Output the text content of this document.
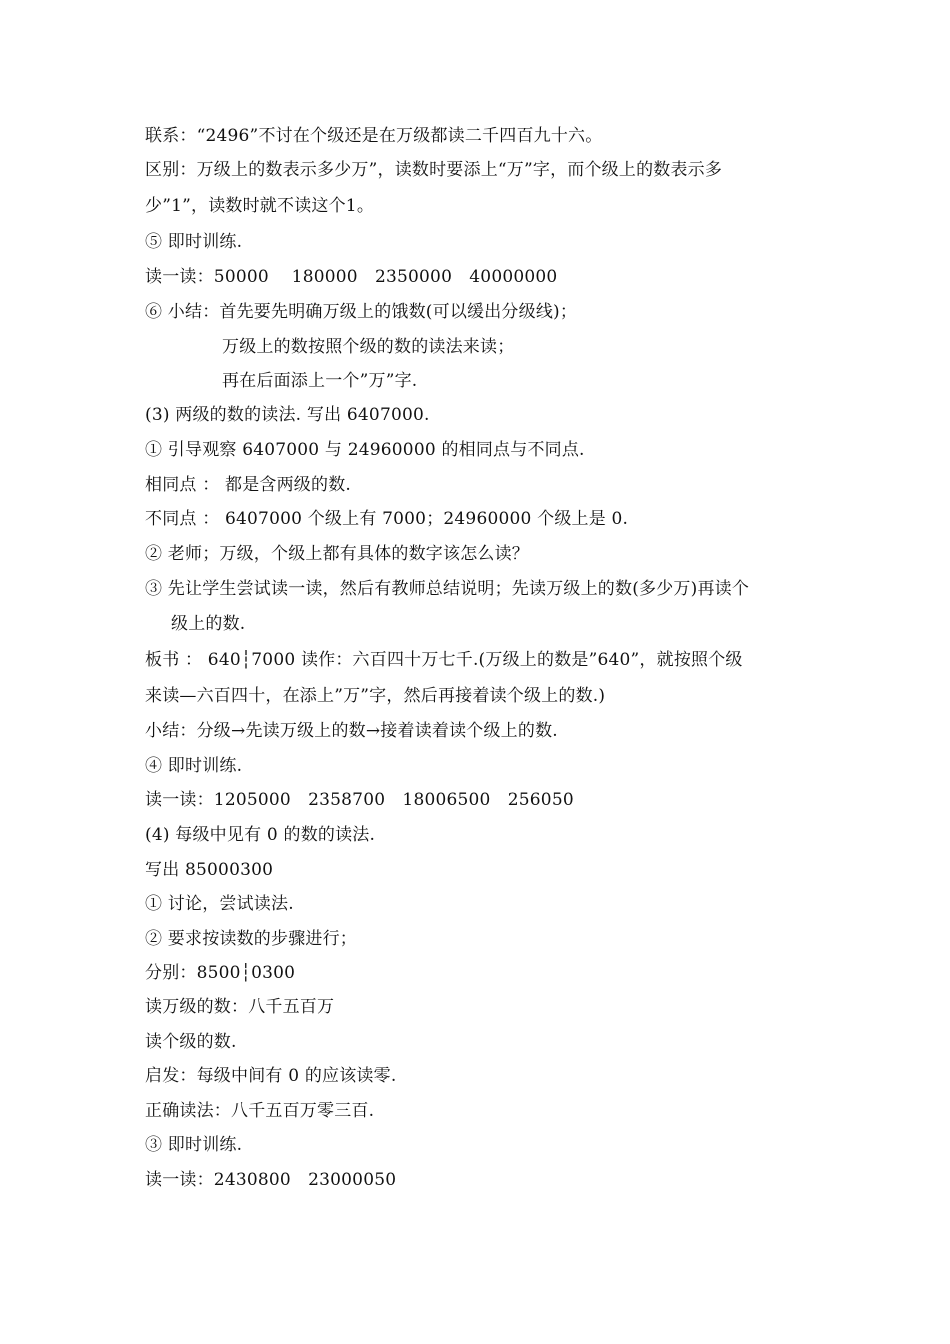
联系：“2496”不讨在个级还是在万级都读二千四百九十六。
区别：万级上的数表示多少万”，读数时要添上“万”字，而个级上的数表示多
少”1”，读数时就不读这个1。
⑤ 即时训练.
读一读：50000　 180000　2350000　40000000
⑥ 小结：首先要先明确万级上的饿数(可以缓出分级线)；
万级上的数按照个级的数的读法来读；
再在后面添上一个”万”字.
(3) 两级的数的读法. 写出 6407000.
① 引导观察 6407000 与 24960000 的相同点与不同点.
相同点 ： 都是含两级的数.
不同点 ： 6407000 个级上有 7000；24960000 个级上是 0.
② 老师；万级，个级上都有具体的数字该怎么读？
③ 先让学生尝试读一读，然后有教师总结说明；先读万级上的数(多少万)再读个
级上的数.
板书 ： 640┆7000 读作：六百四十万七千.(万级上的数是”640”，就按照个级
来读—六百四十，在添上”万”字，然后再接着读个级上的数.)
小结：分级→先读万级上的数→接着读着读个级上的数.
④ 即时训练.
读一读：1205000　2358700　18006500　256050
(4) 每级中见有 0 的数的读法.
写出 85000300
① 讨论，尝试读法.
② 要求按读数的步骤进行；
分别：8500┆0300
读万级的数：八千五百万
读个级的数.
启发：每级中间有 0 的应该读零.
正确读法：八千五百万零三百.
③ 即时训练.
读一读：2430800　23000050
